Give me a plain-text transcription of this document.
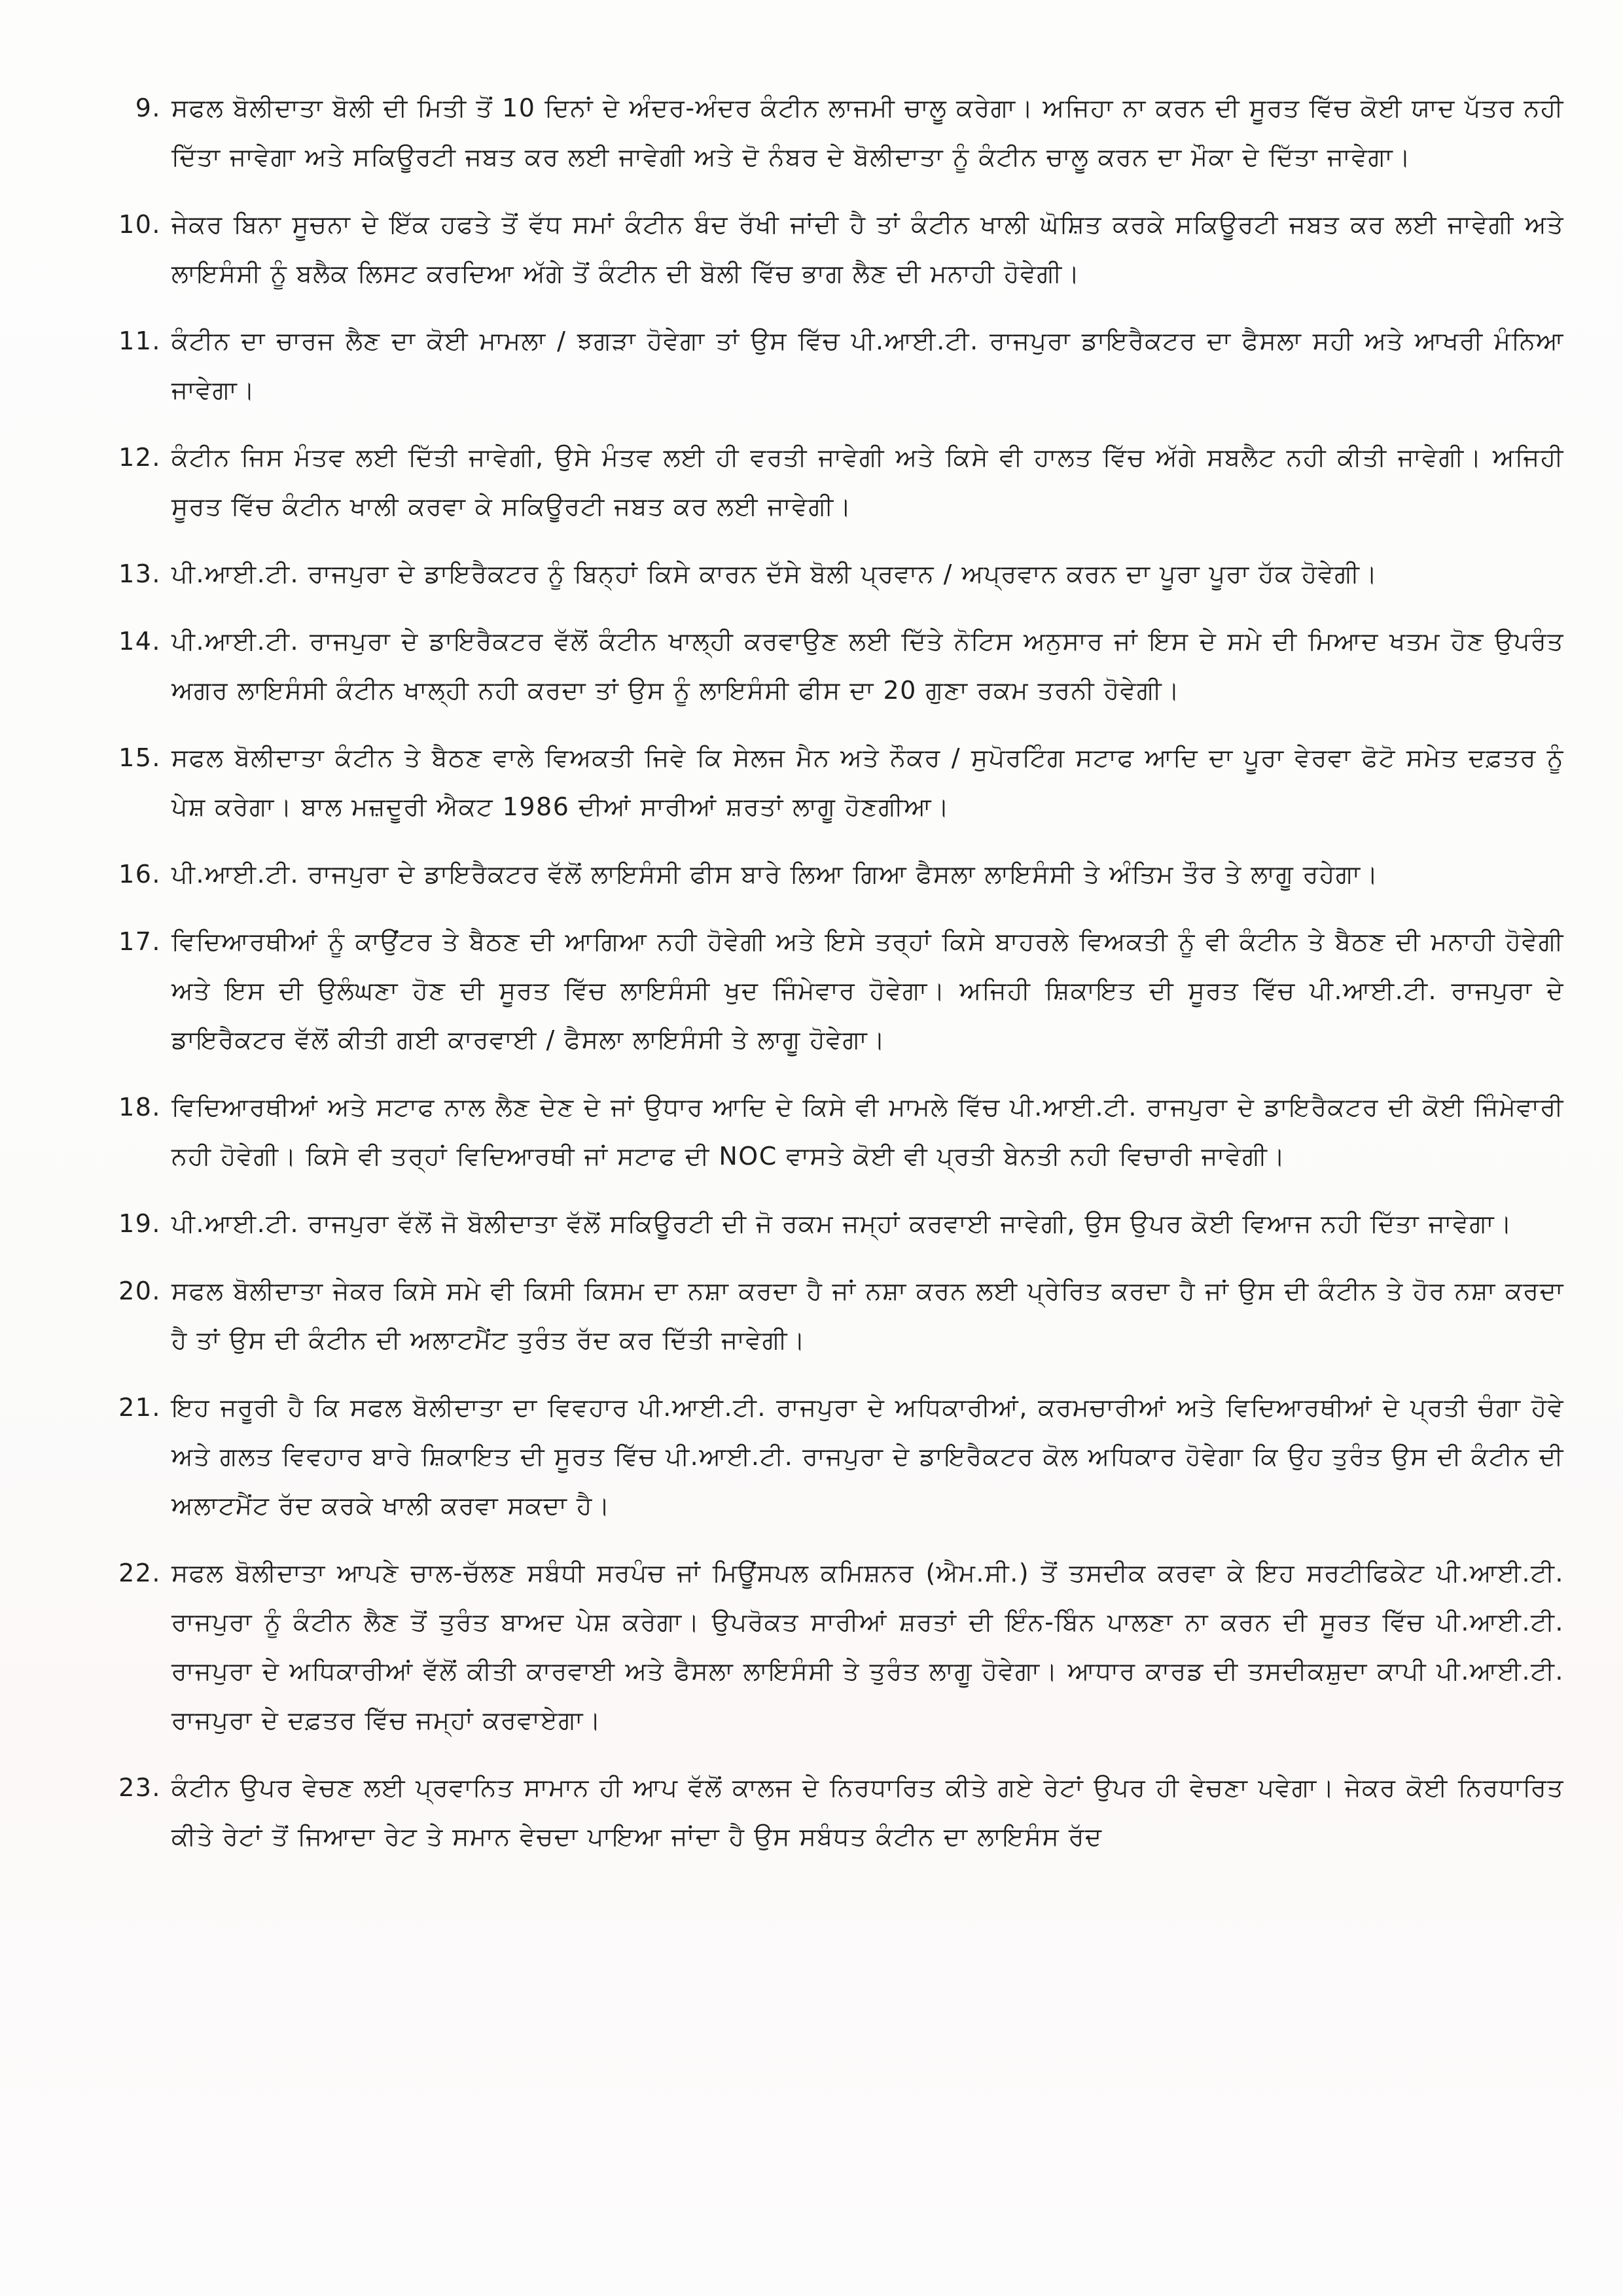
9. ਸਫਲ ਬੋਲੀਦਾਤਾ ਬੋਲੀ ਦੀ ਮਿਤੀ ਤੋਂ 10 ਦਿਨਾਂ ਦੇ ਅੰਦਰ-ਅੰਦਰ ਕੰਟੀਨ ਲਾਜਮੀ ਚਾਲੂ ਕਰੇਗਾ। ਅਜਿਹਾ ਨਾ ਕਰਨ ਦੀ ਸੂਰਤ ਵਿੱਚ ਕੋਈ ਯਾਦ ਪੱਤਰ ਨਹੀ ਦਿੱਤਾ ਜਾਵੇਗਾ ਅਤੇ ਸਕਿਊਰਟੀ ਜਬਤ ਕਰ ਲਈ ਜਾਵੇਗੀ ਅਤੇ ਦੋ ਨੰਬਰ ਦੇ ਬੋਲੀਦਾਤਾ ਨੂੰ ਕੰਟੀਨ ਚਾਲੂ ਕਰਨ ਦਾ ਮੌਕਾ ਦੇ ਦਿੱਤਾ ਜਾਵੇਗਾ।
10. ਜੇਕਰ ਬਿਨਾ ਸੂਚਨਾ ਦੇ ਇੱਕ ਹਫਤੇ ਤੋਂ ਵੱਧ ਸਮਾਂ ਕੰਟੀਨ ਬੰਦ ਰੱਖੀ ਜਾਂਦੀ ਹੈ ਤਾਂ ਕੰਟੀਨ ਖਾਲੀ ਘੋਸ਼ਿਤ ਕਰਕੇ ਸਕਿਊਰਟੀ ਜਬਤ ਕਰ ਲਈ ਜਾਵੇਗੀ ਅਤੇ ਲਾਇਸੰਸੀ ਨੂੰ ਬਲੈਕ ਲਿਸਟ ਕਰਦਿਆ ਅੱਗੇ ਤੋਂ ਕੰਟੀਨ ਦੀ ਬੋਲੀ ਵਿੱਚ ਭਾਗ ਲੈਣ ਦੀ ਮਨਾਹੀ ਹੋਵੇਗੀ।
11. ਕੰਟੀਨ ਦਾ ਚਾਰਜ ਲੈਣ ਦਾ ਕੋਈ ਮਾਮਲਾ / ਝਗੜਾ ਹੋਵੇਗਾ ਤਾਂ ਉਸ ਵਿੱਚ ਪੀ.ਆਈ.ਟੀ. ਰਾਜਪੁਰਾ ਡਾਇਰੈਕਟਰ ਦਾ ਫੈਸਲਾ ਸਹੀ ਅਤੇ ਆਖਰੀ ਮੰਨਿਆ ਜਾਵੇਗਾ।
12. ਕੰਟੀਨ ਜਿਸ ਮੰਤਵ ਲਈ ਦਿੱਤੀ ਜਾਵੇਗੀ, ਉਸੇ ਮੰਤਵ ਲਈ ਹੀ ਵਰਤੀ ਜਾਵੇਗੀ ਅਤੇ ਕਿਸੇ ਵੀ ਹਾਲਤ ਵਿੱਚ ਅੱਗੇ ਸਬਲੈਟ ਨਹੀ ਕੀਤੀ ਜਾਵੇਗੀ। ਅਜਿਹੀ ਸੂਰਤ ਵਿੱਚ ਕੰਟੀਨ ਖਾਲੀ ਕਰਵਾ ਕੇ ਸਕਿਊਰਟੀ ਜਬਤ ਕਰ ਲਈ ਜਾਵੇਗੀ।
13. ਪੀ.ਆਈ.ਟੀ. ਰਾਜਪੁਰਾ ਦੇ ਡਾਇਰੈਕਟਰ ਨੂੰ ਬਿਨ੍ਹਾਂ ਕਿਸੇ ਕਾਰਨ ਦੱਸੇ ਬੋਲੀ ਪ੍ਰਵਾਨ / ਅਪ੍ਰਵਾਨ ਕਰਨ ਦਾ ਪੂਰਾ ਪੂਰਾ ਹੱਕ ਹੋਵੇਗੀ।
14. ਪੀ.ਆਈ.ਟੀ. ਰਾਜਪੁਰਾ ਦੇ ਡਾਇਰੈਕਟਰ ਵੱਲੋਂ ਕੰਟੀਨ ਖਾਲ੍ਹੀ ਕਰਵਾਉਣ ਲਈ ਦਿੱਤੇ ਨੋਟਿਸ ਅਨੁਸਾਰ ਜਾਂ ਇਸ ਦੇ ਸਮੇ ਦੀ ਮਿਆਦ ਖਤਮ ਹੋਣ ਉਪਰੰਤ ਅਗਰ ਲਾਇਸੰਸੀ ਕੰਟੀਨ ਖਾਲ੍ਹੀ ਨਹੀ ਕਰਦਾ ਤਾਂ ਉਸ ਨੂੰ ਲਾਇਸੰਸੀ ਫੀਸ ਦਾ 20 ਗੁਣਾ ਰਕਮ ਤਰਨੀ ਹੋਵੇਗੀ।
15. ਸਫਲ ਬੋਲੀਦਾਤਾ ਕੰਟੀਨ ਤੇ ਬੈਠਣ ਵਾਲੇ ਵਿਅਕਤੀ ਜਿਵੇ ਕਿ ਸੇਲਜ ਮੈਨ ਅਤੇ ਨੌਕਰ / ਸੁਪੋਰਟਿੰਗ ਸਟਾਫ ਆਦਿ ਦਾ ਪੂਰਾ ਵੇਰਵਾ ਫੋਟੋ ਸਮੇਤ ਦਫ਼ਤਰ ਨੂੰ ਪੇਸ਼ ਕਰੇਗਾ। ਬਾਲ ਮਜ਼ਦੂਰੀ ਐਕਟ 1986 ਦੀਆਂ ਸਾਰੀਆਂ ਸ਼ਰਤਾਂ ਲਾਗੂ ਹੋਣਗੀਆ।
16. ਪੀ.ਆਈ.ਟੀ. ਰਾਜਪੁਰਾ ਦੇ ਡਾਇਰੈਕਟਰ ਵੱਲੋਂ ਲਾਇਸੰਸੀ ਫੀਸ ਬਾਰੇ ਲਿਆ ਗਿਆ ਫੈਸਲਾ ਲਾਇਸੰਸੀ ਤੇ ਅੰਤਿਮ ਤੌਰ ਤੇ ਲਾਗੂ ਰਹੇਗਾ।
17. ਵਿਦਿਆਰਥੀਆਂ ਨੂੰ ਕਾਉਂਟਰ ਤੇ ਬੈਠਣ ਦੀ ਆਗਿਆ ਨਹੀ ਹੋਵੇਗੀ ਅਤੇ ਇਸੇ ਤਰ੍ਹਾਂ ਕਿਸੇ ਬਾਹਰਲੇ ਵਿਅਕਤੀ ਨੂੰ ਵੀ ਕੰਟੀਨ ਤੇ ਬੈਠਣ ਦੀ ਮਨਾਹੀ ਹੋਵੇਗੀ ਅਤੇ ਇਸ ਦੀ ਉਲੰਘਣਾ ਹੋਣ ਦੀ ਸੂਰਤ ਵਿੱਚ ਲਾਇਸੰਸੀ ਖੁਦ ਜਿੰਮੇਵਾਰ ਹੋਵੇਗਾ। ਅਜਿਹੀ ਸ਼ਿਕਾਇਤ ਦੀ ਸੂਰਤ ਵਿੱਚ ਪੀ.ਆਈ.ਟੀ. ਰਾਜਪੁਰਾ ਦੇ ਡਾਇਰੈਕਟਰ ਵੱਲੋਂ ਕੀਤੀ ਗਈ ਕਾਰਵਾਈ / ਫੈਸਲਾ ਲਾਇਸੰਸੀ ਤੇ ਲਾਗੂ ਹੋਵੇਗਾ।
18. ਵਿਦਿਆਰਥੀਆਂ ਅਤੇ ਸਟਾਫ ਨਾਲ ਲੈਣ ਦੇਣ ਦੇ ਜਾਂ ਉਧਾਰ ਆਦਿ ਦੇ ਕਿਸੇ ਵੀ ਮਾਮਲੇ ਵਿੱਚ ਪੀ.ਆਈ.ਟੀ. ਰਾਜਪੁਰਾ ਦੇ ਡਾਇਰੈਕਟਰ ਦੀ ਕੋਈ ਜਿੰਮੇਵਾਰੀ ਨਹੀ ਹੋਵੇਗੀ। ਕਿਸੇ ਵੀ ਤਰ੍ਹਾਂ ਵਿਦਿਆਰਥੀ ਜਾਂ ਸਟਾਫ ਦੀ NOC ਵਾਸਤੇ ਕੋਈ ਵੀ ਪ੍ਰਤੀ ਬੇਨਤੀ ਨਹੀ ਵਿਚਾਰੀ ਜਾਵੇਗੀ।
19. ਪੀ.ਆਈ.ਟੀ. ਰਾਜਪੁਰਾ ਵੱਲੋਂ ਜੋ ਬੋਲੀਦਾਤਾ ਵੱਲੋਂ ਸਕਿਊਰਟੀ ਦੀ ਜੋ ਰਕਮ ਜਮ੍ਹਾਂ ਕਰਵਾਈ ਜਾਵੇਗੀ, ਉਸ ਉਪਰ ਕੋਈ ਵਿਆਜ ਨਹੀ ਦਿੱਤਾ ਜਾਵੇਗਾ।
20. ਸਫਲ ਬੋਲੀਦਾਤਾ ਜੇਕਰ ਕਿਸੇ ਸਮੇ ਵੀ ਕਿਸੀ ਕਿਸਮ ਦਾ ਨਸ਼ਾ ਕਰਦਾ ਹੈ ਜਾਂ ਨਸ਼ਾ ਕਰਨ ਲਈ ਪ੍ਰੇਰਿਤ ਕਰਦਾ ਹੈ ਜਾਂ ਉਸ ਦੀ ਕੰਟੀਨ ਤੇ ਹੋਰ ਨਸ਼ਾ ਕਰਦਾ ਹੈ ਤਾਂ ਉਸ ਦੀ ਕੰਟੀਨ ਦੀ ਅਲਾਟਮੈਂਟ ਤੁਰੰਤ ਰੱਦ ਕਰ ਦਿੱਤੀ ਜਾਵੇਗੀ।
21. ਇਹ ਜਰੂਰੀ ਹੈ ਕਿ ਸਫਲ ਬੋਲੀਦਾਤਾ ਦਾ ਵਿਵਹਾਰ ਪੀ.ਆਈ.ਟੀ. ਰਾਜਪੁਰਾ ਦੇ ਅਧਿਕਾਰੀਆਂ, ਕਰਮਚਾਰੀਆਂ ਅਤੇ ਵਿਦਿਆਰਥੀਆਂ ਦੇ ਪ੍ਰਤੀ ਚੰਗਾ ਹੋਵੇ ਅਤੇ ਗਲਤ ਵਿਵਹਾਰ ਬਾਰੇ ਸ਼ਿਕਾਇਤ ਦੀ ਸੂਰਤ ਵਿੱਚ ਪੀ.ਆਈ.ਟੀ. ਰਾਜਪੁਰਾ ਦੇ ਡਾਇਰੈਕਟਰ ਕੋਲ ਅਧਿਕਾਰ ਹੋਵੇਗਾ ਕਿ ਉਹ ਤੁਰੰਤ ਉਸ ਦੀ ਕੰਟੀਨ ਦੀ ਅਲਾਟਮੈਂਟ ਰੱਦ ਕਰਕੇ ਖਾਲੀ ਕਰਵਾ ਸਕਦਾ ਹੈ।
22. ਸਫਲ ਬੋਲੀਦਾਤਾ ਆਪਣੇ ਚਾਲ-ਚੱਲਣ ਸਬੰਧੀ ਸਰਪੰਚ ਜਾਂ ਮਿਊਂਸਪਲ ਕਮਿਸ਼ਨਰ (ਐਮ.ਸੀ.) ਤੋਂ ਤਸਦੀਕ ਕਰਵਾ ਕੇ ਇਹ ਸਰਟੀਫਿਕੇਟ ਪੀ.ਆਈ.ਟੀ. ਰਾਜਪੁਰਾ ਨੂੰ ਕੰਟੀਨ ਲੈਣ ਤੋਂ ਤੁਰੰਤ ਬਾਅਦ ਪੇਸ਼ ਕਰੇਗਾ। ਉਪਰੋਕਤ ਸਾਰੀਆਂ ਸ਼ਰਤਾਂ ਦੀ ਇੰਨ-ਬਿੰਨ ਪਾਲਣਾ ਨਾ ਕਰਨ ਦੀ ਸੂਰਤ ਵਿੱਚ ਪੀ.ਆਈ.ਟੀ. ਰਾਜਪੁਰਾ ਦੇ ਅਧਿਕਾਰੀਆਂ ਵੱਲੋਂ ਕੀਤੀ ਕਾਰਵਾਈ ਅਤੇ ਫੈਸਲਾ ਲਾਇਸੰਸੀ ਤੇ ਤੁਰੰਤ ਲਾਗੂ ਹੋਵੇਗਾ। ਆਧਾਰ ਕਾਰਡ ਦੀ ਤਸਦੀਕਸ਼ੁਦਾ ਕਾਪੀ ਪੀ.ਆਈ.ਟੀ. ਰਾਜਪੁਰਾ ਦੇ ਦਫ਼ਤਰ ਵਿੱਚ ਜਮ੍ਹਾਂ ਕਰਵਾਏਗਾ।
23. ਕੰਟੀਨ ਉਪਰ ਵੇਚਣ ਲਈ ਪ੍ਰਵਾਨਿਤ ਸਾਮਾਨ ਹੀ ਆਪ ਵੱਲੋਂ ਕਾਲਜ ਦੇ ਨਿਰਧਾਰਿਤ ਕੀਤੇ ਗਏ ਰੇਟਾਂ ਉਪਰ ਹੀ ਵੇਚਣਾ ਪਵੇਗਾ। ਜੇਕਰ ਕੋਈ ਨਿਰਧਾਰਿਤ ਕੀਤੇ ਰੇਟਾਂ ਤੋਂ ਜਿਆਦਾ ਰੇਟ ਤੇ ਸਮਾਨ ਵੇਚਦਾ ਪਾਇਆ ਜਾਂਦਾ ਹੈ ਉਸ ਸਬੰਧਤ ਕੰਟੀਨ ਦਾ ਲਾਇਸੰਸ ਰੱਦ
